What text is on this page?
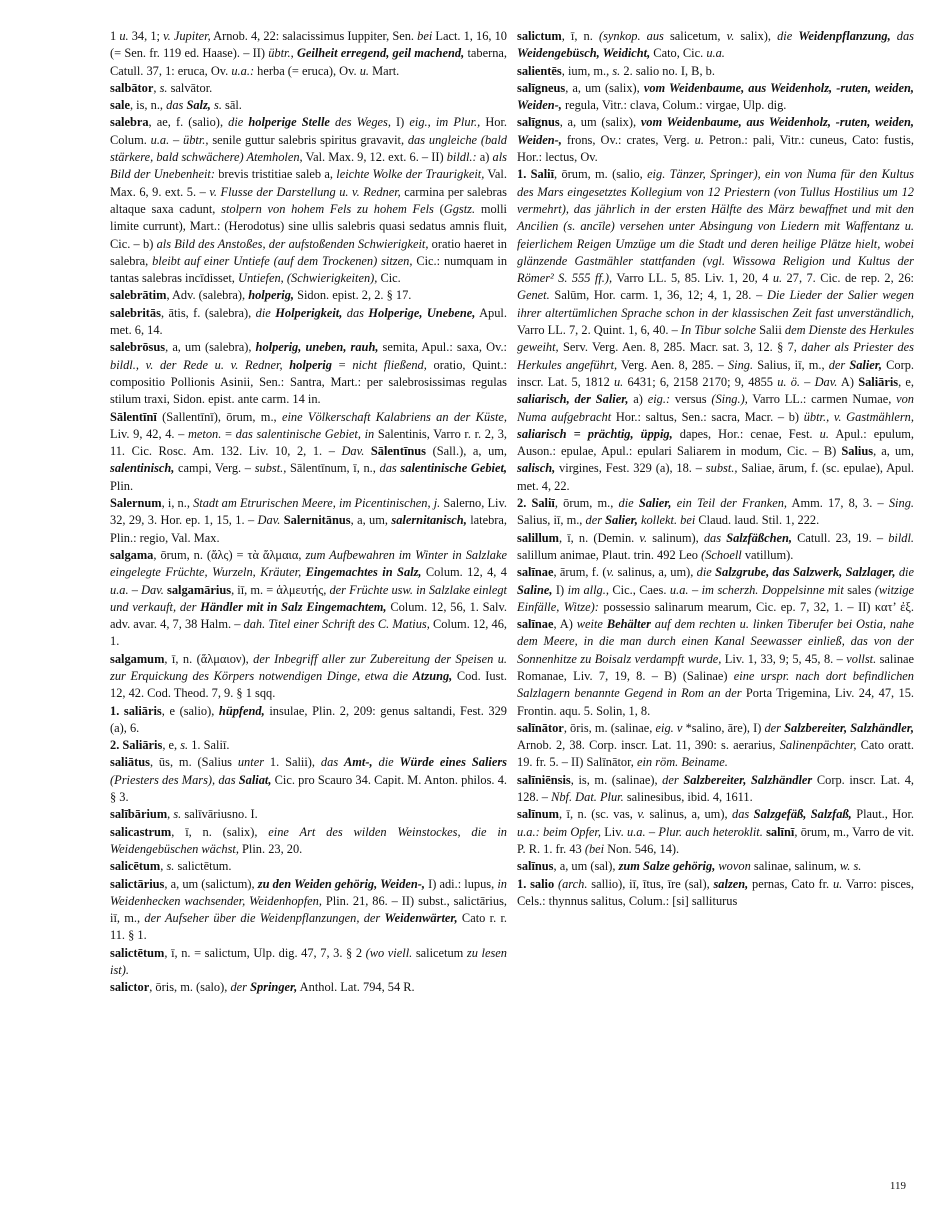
1 u. 34, 1; v. Jupiter, Arnob. 4, 22: salacissimus Iuppiter, Sen. bei Lact. 1, 16, 10 (= Sen. fr. 119 ed. Haase). – II) übtr., Geilheit erregend, geil machend, taberna, Catull. 37, 1: eruca, Ov. u.a.: herba (= eruca), Ov. u. Mart.

salbātor, s. salvātor.

sale, is, n., das Salz, s. sāl.

salebra, ae, f. (salio), die holperige Stelle des Weges, I) eig., im Plur., Hor. Colum. u.a. – übtr., senile guttur salebris spiritus gravavit, das ungleiche (bald stärkere, bald schwächere) Atemholen, Val. Max. 9, 12. ext. 6. – II) bildl.: a) als Bild der Unebenheit: brevis tristitiae saleb a, leichte Wolke der Traurigkeit, Val. Max. 6, 9. ext. 5. – v. Flusse der Darstellung u. v. Redner, carmina per salebras altaque saxa cadunt, stolpern von hohem Fels zu hohem Fels (Ggstz. molli limite currunt), Mart.: (Herodotus) sine ullis salebris quasi sedatus amnis fluit, Cic. – b) als Bild des Anstoßes, der aufstoßenden Schwierigkeit, oratio haeret in salebra, bleibt auf einer Untiefe (auf dem Trockenen) sitzen, Cic.: numquam in tantas salebras incīdisset, Untiefen, (Schwierigkeiten), Cic.

salebrātim, Adv. (salebra), holperig, Sidon. epist. 2, 2. § 17.

salebritās, ātis, f. (salebra), die Holperigkeit, das Holperige, Unebene, Apul. met. 6, 14.

salebrōsus, a, um (salebra), holperig, uneben, rauh, semita, Apul.: saxa, Ov.: bildl., v. der Rede u. v. Redner, holperig = nicht fließend, oratio, Quint.: compositio Pollionis Asinii, Sen.: Santra, Mart.: per salebrosissimas regulas stilum traxi, Sidon. epist. ante carm. 14 in.

Sālentīnī (Sallentīnī), ōrum, m., eine Völkerschaft Kalabriens an der Küste, Liv. 9, 42, 4. – meton. = das salentinische Gebiet, in Salentinis, Varro r. r. 2, 3, 11. Cic. Rosc. Am. 132. Liv. 10, 2, 1. – Dav. Sālentīnus (Sall.), a, um, salentinisch, campi, Verg. – subst., Sālentīnum, ī, n., das salentinische Gebiet, Plin.

Salernum, i, n., Stadt am Etrurischen Meere, im Picentinischen, j. Salerno, Liv. 32, 29, 3. Hor. ep. 1, 15, 1. – Dav. Salernitānus, a, um, salernitanisch, latebra, Plin.: regio, Val. Max.

salgama, ōrum, n. (ἅλς) = τὰ ἅλμαια, zum Aufbewahren im Winter in Salzlake eingelegte Früchte, Wurzeln, Kräuter, Eingemachtes in Salz, Colum. 12, 4, 4 u.a. – Dav. salgamārius, iī, m. = ἁλμευτής, der Früchte usw. in Salzlake einlegt und verkauft, der Händler mit in Salz Eingemachtem, Colum. 12, 56, 1. Salv. adv. avar. 4, 7, 38 Halm. – dah. Titel einer Schrift des C. Matius, Colum. 12, 46, 1.

salgamum, ī, n. (ἅλμαιον), der Inbegriff aller zur Zubereitung der Speisen u. zur Erquickung des Körpers notwendigen Dinge, etwa die Atzung, Cod. Iust. 12, 42. Cod. Theod. 7, 9. § 1 sqq.

1. saliāris, e (salio), hüpfend, insulae, Plin. 2, 209: genus saltandi, Fest. 329 (a), 6.

2. Saliāris, e, s. 1. Saliī.

saliātus, ūs, m. (Salius unter 1. Salii), das Amt-, die Würde eines Saliers (Priesters des Mars), das Saliat, Cic. pro Scauro 34. Capit. M. Anton. philos. 4. § 3.

salībārium, s. salīvāriusno. I.

salicastrum, ī, n. (salix), eine Art des wilden Weinstockes, die in Weidengebüschen wächst, Plin. 23, 20.

salicētum, s. salictētum.

salictārius, a, um (salictum), zu den Weiden gehörig, Weiden-, I) adi.: lupus, in Weidenhecken wachsender, Weidenhopfen, Plin. 21, 86. – II) subst., salictārius, iī, m., der Aufseher über die Weidenpflanzungen, der Weidenwärter, Cato r. r. 11. § 1.

salictētum, ī, n. = salictum, Ulp. dig. 47, 7, 3. § 2 (wo viell. salicetum zu lesen ist).

salictor, ōris, m. (salo), der Springer, Anthol. Lat. 794, 54 R.

salictum, ī, n. (synkop. aus salicetum, v. salix), die Weidenpflanzung, das Weidengebüsch, Weidicht, Cato, Cic. u.a.

salientēs, ium, m., s. 2. salio no. I, B, b.

salīgneus, a, um (salix), vom Weidenbaume, aus Weidenholz, -ruten, weiden, Weiden-, regula, Vitr.: clava, Colum.: virgae, Ulp. dig.

salīgnus, a, um (salix), vom Weidenbaume, aus Weidenholz, -ruten, weiden, Weiden-, frons, Ov.: crates, Verg. u. Petron.: pali, Vitr.: cuneus, Cato: fustis, Hor.: lectus, Ov.

1. Saliī, ōrum, m. (salio, eig. Tänzer, Springer), ein von Numa für den Kultus des Mars eingesetztes Kollegium von 12 Priestern (von Tullus Hostilius um 12 vermehrt), das jährlich in der ersten Hälfte des März bewaffnet und mit den Ancilien (s. ancīle) versehen unter Absingung von Liedern mit Waffentanz u. feierlichem Reigen Umzüge um die Stadt und deren heilige Plätze hielt, wobei glänzende Gastmähler stattfanden (vgl. Wissowa Religion und Kultus der Römer² S. 555 ff.), Varro LL. 5, 85. Liv. 1, 20, 4 u. 27, 7. Cic. de rep. 2, 26: Genet. Salūm, Hor. carm. 1, 36, 12; 4, 1, 28. – Die Lieder der Salier wegen ihrer altertümlichen Sprache schon in der klassischen Zeit fast unverständlich, Varro LL. 7, 2. Quint. 1, 6, 40. – In Tibur solche Salii dem Dienste des Herkules geweiht, Serv. Verg. Aen. 8, 285. Macr. sat. 3, 12. § 7, daher als Priester des Herkules angeführt, Verg. Aen. 8, 285. – Sing. Salius, iī, m., der Salier, Corp. inscr. Lat. 5, 1812 u. 6431; 6, 2158 2170; 9, 4855 u. ö. – Dav. A) Saliāris, e, saliarisch, der Salier, a) eig.: versus (Sing.), Varro LL.: carmen Numae, von Numa aufgebracht Hor.: saltus, Sen.: sacra, Macr. – b) übtr., v. Gastmählern, saliarisch = prächtig, üppig, dapes, Hor.: cenae, Fest. u. Apul.: epulum, Auson.: epulae, Apul.: epulari Saliarem in modum, Cic. – B) Salius, a, um, salisch, virgines, Fest. 329 (a), 18. – subst., Saliae, ārum, f. (sc. epulae), Apul. met. 4, 22.

2. Saliī, ōrum, m., die Salier, ein Teil der Franken, Amm. 17, 8, 3. – Sing. Salius, iī, m., der Salier, kollekt. bei Claud. laud. Stil. 1, 222.

salillum, ī, n. (Demin. v. salinum), das Salzfäßchen, Catull. 23, 19. – bildl. salillum animae, Plaut. trin. 492 Leo (Schoell vatillum).

salīnae, ārum, f. (v. salinus, a, um), die Salzgrube, das Salzwerk, Salzlager, die Saline, I) im allg., Cic., Caes. u.a. – im scherzh. Doppelsinne mit sales (witzige Einfälle, Witze): possessio salinarum mearum, Cic. ep. 7, 32, 1. – II) κατ’ ἐξ. salīnae, A) weite Behälter auf dem rechten u. linken Tiberufer bei Ostia, nahe dem Meere, in die man durch einen Kanal Seewasser einließ, das von der Sonnenhitze zu Boisalz verdampft wurde, Liv. 1, 33, 9; 5, 45, 8. – vollst. salinae Romanae, Liv. 7, 19, 8. – B) (Salinae) eine urspr. nach dort befindlichen Salzlagern benannte Gegend in Rom an der Porta Trigemina, Liv. 24, 47, 15. Frontin. aqu. 5. Solin, 1, 8.

salīnātor, ōris, m. (salinae, eig. v *salino, āre), I) der Salzbereiter, Salzhändler, Arnob. 2, 38. Corp. inscr. Lat. 11, 390: s. aerarius, Salinenpächter, Cato oratt. 19. fr. 5. – II) Salīnātor, ein röm. Beiname.

salīniēnsis, is, m. (salinae), der Salzbereiter, Salzhändler Corp. inscr. Lat. 4, 128. – Nbf. Dat. Plur. salinesibus, ibid. 4, 1611.

salīnum, ī, n. (sc. vas, v. salinus, a, um), das Salzgefäß, Salzfaß, Plaut., Hor. u.a.: beim Opfer, Liv. u.a. – Plur. auch heteroklit. salīnī, ōrum, m., Varro de vit. P. R. 1. fr. 43 (bei Non. 546, 14).

salīnus, a, um (sal), zum Salze gehörig, wovon salinae, salinum, w. s.

1. salio (arch. sallio), iī, ītus, īre (sal), salzen, pernas, Cato fr. u. Varro: pisces, Cels.: thynnus salitus, Colum.: [si] salliturus

119
